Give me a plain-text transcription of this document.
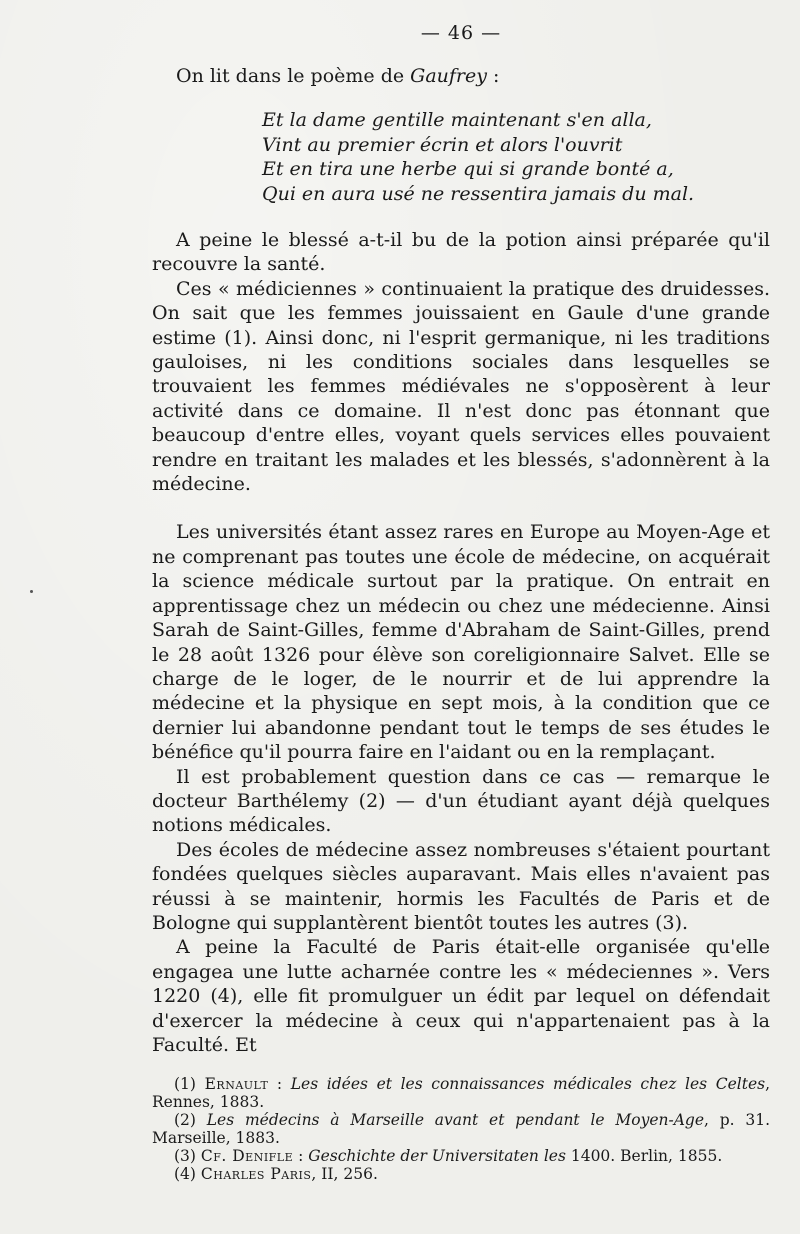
— 46 —

On lit dans le poème de Gaufrey :

Et la dame gentille maintenant s'en alla,
Vint au premier écrin et alors l'ouvrit
Et en tira une herbe qui si grande bonté a,
Qui en aura usé ne ressentira jamais du mal.

A peine le blessé a-t-il bu de la potion ainsi préparée qu'il recouvre la santé.

Ces « médiciennes » continuaient la pratique des druidesses. On sait que les femmes jouissaient en Gaule d'une grande estime (1). Ainsi donc, ni l'esprit germanique, ni les traditions gauloises, ni les conditions sociales dans lesquelles se trouvaient les femmes médiévales ne s'opposèrent à leur activité dans ce domaine. Il n'est donc pas étonnant que beaucoup d'entre elles, voyant quels services elles pouvaient rendre en traitant les malades et les blessés, s'adonnèrent à la médecine.

Les universités étant assez rares en Europe au Moyen-Age et ne comprenant pas toutes une école de médecine, on acquérait la science médicale surtout par la pratique. On entrait en apprentissage chez un médecin ou chez une médecienne. Ainsi Sarah de Saint-Gilles, femme d'Abraham de Saint-Gilles, prend le 28 août 1326 pour élève son coreligionnaire Salvet. Elle se charge de le loger, de le nourrir et de lui apprendre la médecine et la physique en sept mois, à la condition que ce dernier lui abandonne pendant tout le temps de ses études le bénéfice qu'il pourra faire en l'aidant ou en la remplaçant.

Il est probablement question dans ce cas — remarque le docteur Barthélemy (2) — d'un étudiant ayant déjà quelques notions médicales.

Des écoles de médecine assez nombreuses s'étaient pourtant fondées quelques siècles auparavant. Mais elles n'avaient pas réussi à se maintenir, hormis les Facultés de Paris et de Bologne qui supplantèrent bientôt toutes les autres (3).

A peine la Faculté de Paris était-elle organisée qu'elle engagea une lutte acharnée contre les « médeciennes ». Vers 1220 (4), elle fit promulguer un édit par lequel on défendait d'exercer la médecine à ceux qui n'appartenaient pas à la Faculté. Et

(1) Ernault : Les idées et les connaissances médicales chez les Celtes, Rennes, 1883.

(2) Les médecins à Marseille avant et pendant le Moyen-Age, p. 31. Marseille, 1883.

(3) Cf. Denifle : Geschichte der Universitaten les 1400. Berlin, 1855.

(4) Charles Paris, II, 256.
